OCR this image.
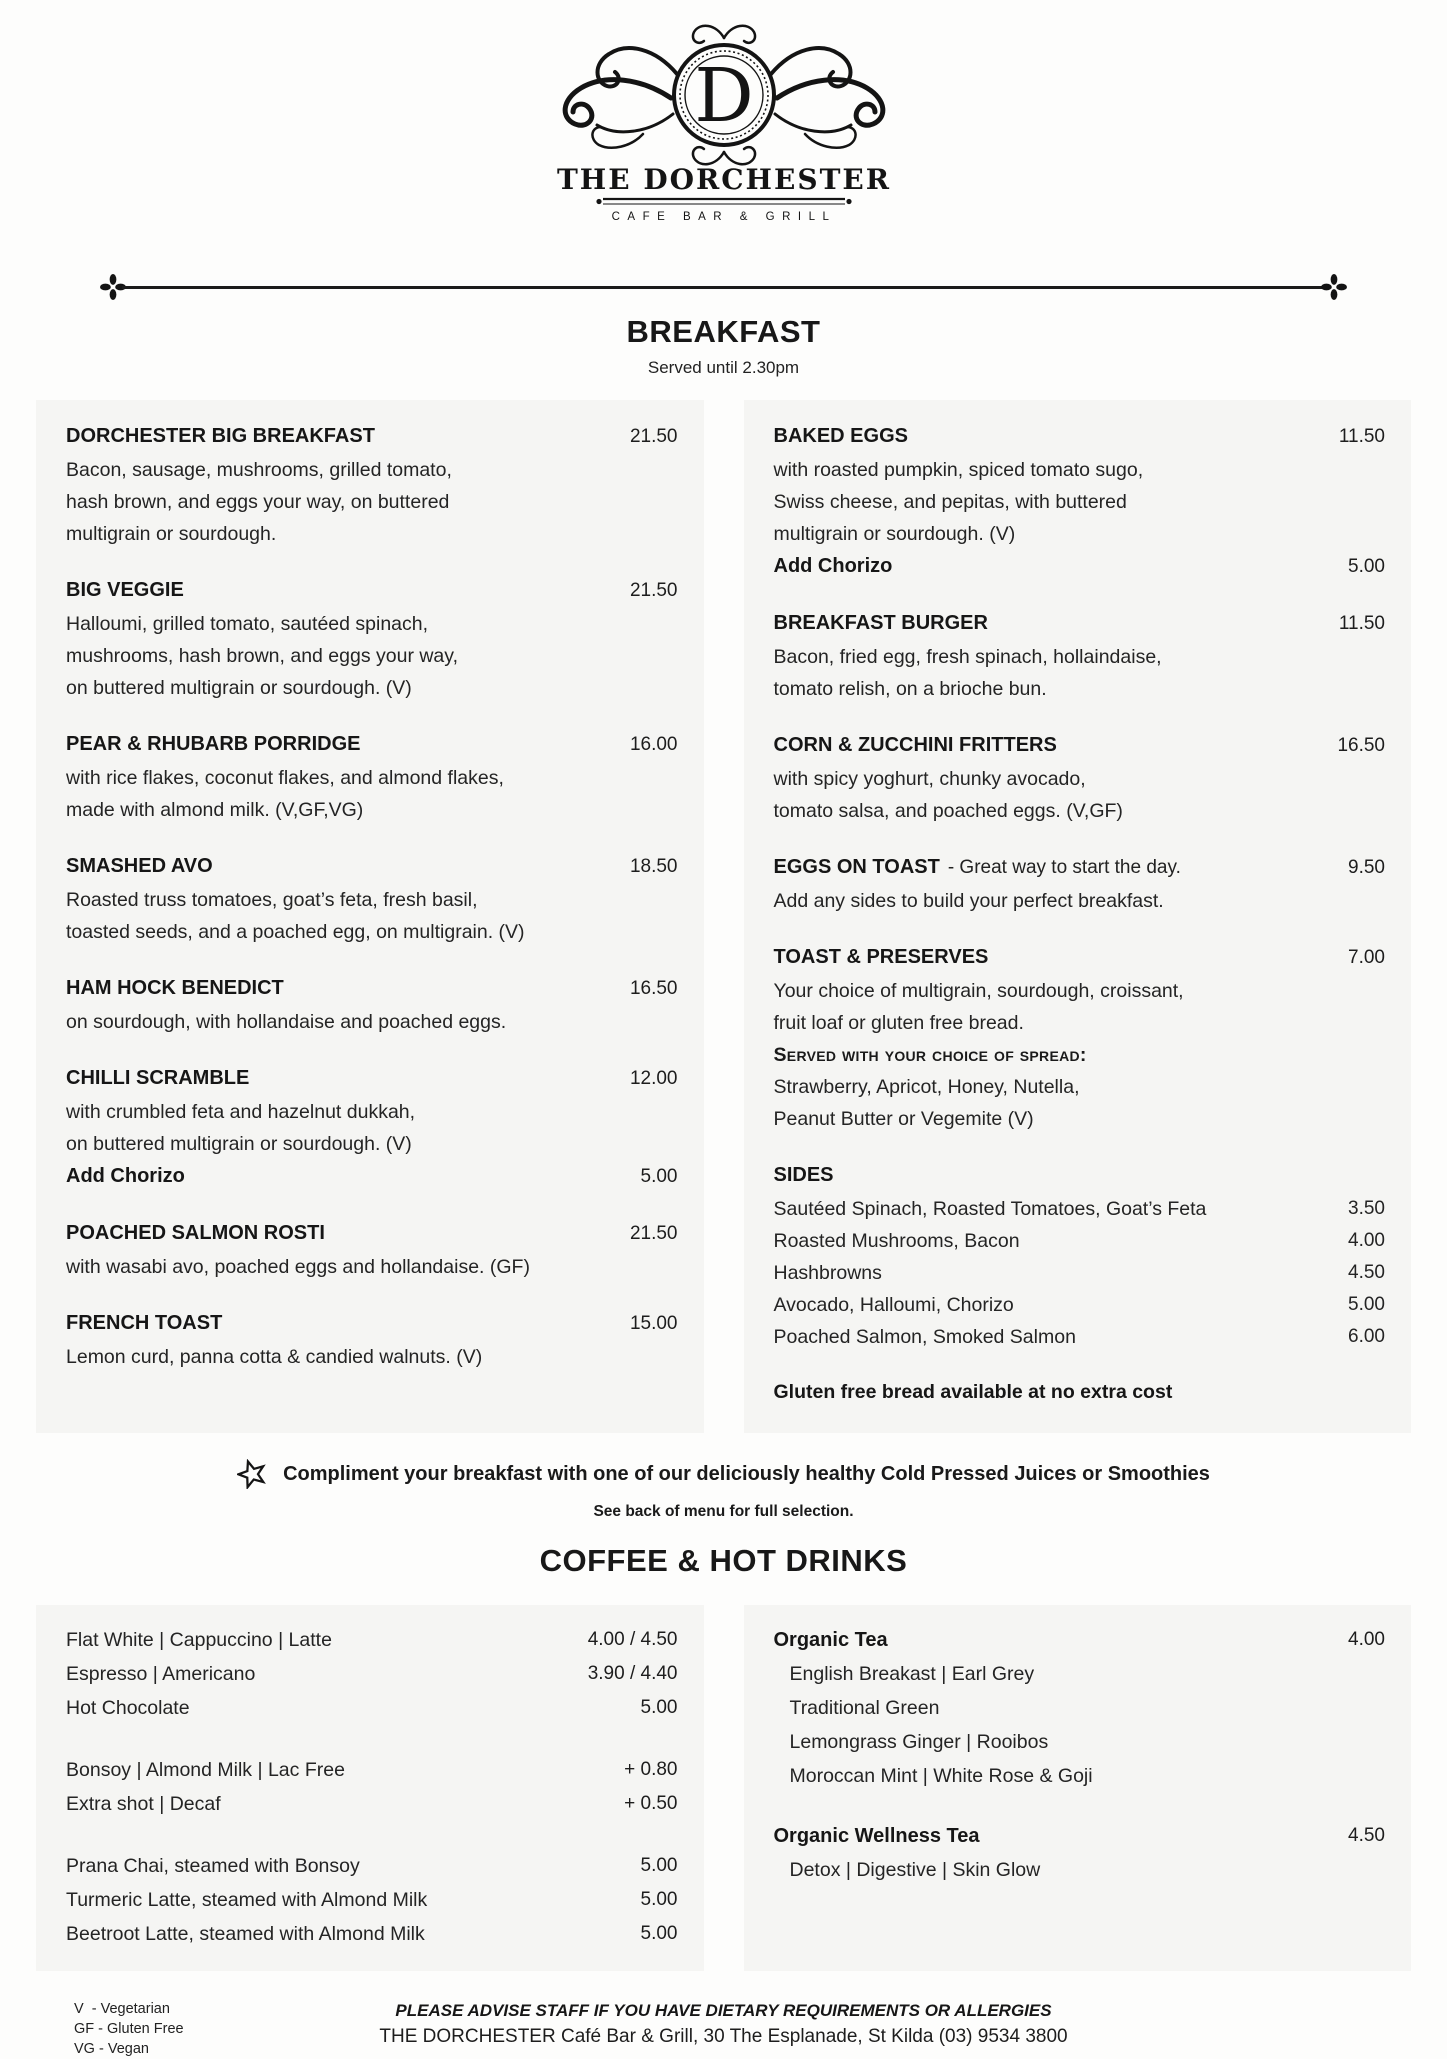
D
THE DORCHESTER
CAFE BAR & GRILL
BREAKFAST
Served until 2.30pm
DORCHESTER BIG BREAKFAST	21.50
Bacon, sausage, mushrooms, grilled tomato,
hash brown, and eggs your way, on buttered
multigrain or sourdough.
BIG VEGGIE	21.50
Halloumi, grilled tomato, sautéed spinach,
mushrooms, hash brown, and eggs your way,
on buttered multigrain or sourdough. (V)
PEAR & RHUBARB PORRIDGE	16.00
with rice flakes, coconut flakes, and almond flakes,
made with almond milk. (V,GF,VG)
SMASHED AVO	18.50
Roasted truss tomatoes, goat’s feta, fresh basil,
toasted seeds, and a poached egg, on multigrain. (V)
HAM HOCK BENEDICT	16.50
on sourdough, with hollandaise and poached eggs.
CHILLI SCRAMBLE	12.00
with crumbled feta and hazelnut dukkah,
on buttered multigrain or sourdough. (V)
Add Chorizo	5.00
POACHED SALMON ROSTI	21.50
with wasabi avo, poached eggs and hollandaise. (GF)
FRENCH TOAST	15.00
Lemon curd, panna cotta & candied walnuts. (V)
BAKED EGGS	11.50
with roasted pumpkin, spiced tomato sugo,
Swiss cheese, and pepitas, with buttered
multigrain or sourdough. (V)
Add Chorizo	5.00
BREAKFAST BURGER	11.50
Bacon, fried egg, fresh spinach, hollaindaise,
tomato relish, on a brioche bun.
CORN & ZUCCHINI FRITTERS	16.50
with spicy yoghurt, chunky avocado,
tomato salsa, and poached eggs. (V,GF)
EGGS ON TOAST - Great way to start the day.	9.50
Add any sides to build your perfect breakfast.
TOAST & PRESERVES	7.00
Your choice of multigrain, sourdough, croissant,
fruit loaf or gluten free bread.
Served with your choice of spread:
Strawberry, Apricot, Honey, Nutella,
Peanut Butter or Vegemite (V)
SIDES
Sautéed Spinach, Roasted Tomatoes, Goat’s Feta	3.50
Roasted Mushrooms, Bacon	4.00
Hashbrowns	4.50
Avocado, Halloumi, Chorizo	5.00
Poached Salmon, Smoked Salmon	6.00
Gluten free bread available at no extra cost
Compliment your breakfast with one of our deliciously healthy Cold Pressed Juices or Smoothies
See back of menu for full selection.
COFFEE & HOT DRINKS
Flat White | Cappuccino | Latte	4.00 / 4.50
Espresso | Americano	3.90 / 4.40
Hot Chocolate	5.00
Bonsoy | Almond Milk | Lac Free	+ 0.80
Extra shot | Decaf	+ 0.50
Prana Chai, steamed with Bonsoy	5.00
Turmeric Latte, steamed with Almond Milk	5.00
Beetroot Latte, steamed with Almond Milk	5.00
Organic Tea	4.00
English Breakast | Earl Grey
Traditional Green
Lemongrass Ginger | Rooibos
Moroccan Mint | White Rose & Goji
Organic Wellness Tea	4.50
Detox | Digestive | Skin Glow
V  - Vegetarian
GF - Gluten Free
VG - Vegan
PLEASE ADVISE STAFF IF YOU HAVE DIETARY REQUIREMENTS OR ALLERGIES
THE DORCHESTER Café Bar & Grill, 30 The Esplanade, St Kilda (03) 9534 3800
